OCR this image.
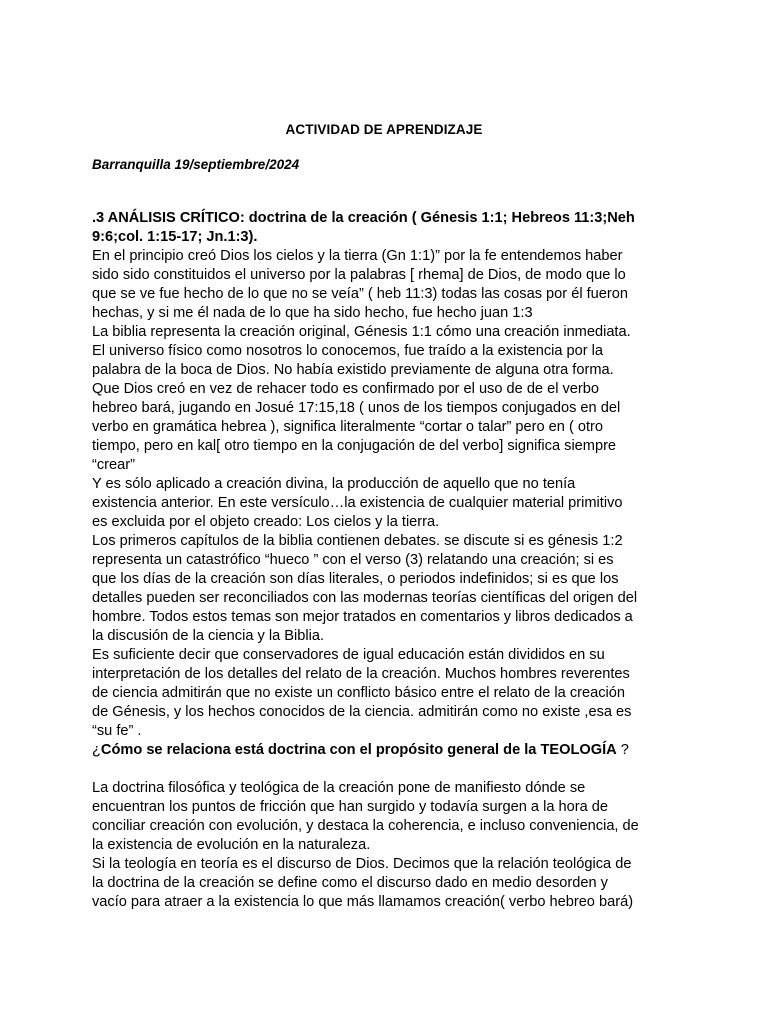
ACTIVIDAD DE APRENDIZAJE
Barranquilla 19/septiembre/2024
.3 ANÁLISIS CRÍTICO: doctrina de la creación ( Génesis 1:1; Hebreos 11:3;Neh
9:6;col. 1:15-17; Jn.1:3).
En el principio creó Dios los cielos y la tierra (Gn 1:1)” por la fe entendemos haber
sido sido constituidos el universo por la palabras [ rhema] de Dios, de modo que lo
que se ve fue hecho de lo que no se veía” ( heb 11:3) todas las cosas por él fueron
hechas, y si me él nada de lo que ha sido hecho, fue hecho juan 1:3
La biblia representa la creación original, Génesis 1:1 cómo una creación inmediata.
El universo físico como nosotros lo conocemos, fue traído a la existencia por la
palabra de la boca de Dios. No había existido previamente de alguna otra forma.
Que Dios creó en vez de rehacer todo es confirmado por el uso de de el verbo
hebreo bará, jugando en Josué 17:15,18 ( unos de los tiempos conjugados en del
verbo en gramática hebrea ), significa literalmente “cortar o talar” pero en ( otro
tiempo, pero en kal[ otro tiempo en la conjugación de del verbo] significa siempre
“crear”
Y es sólo aplicado a creación divina, la producción de aquello que no tenía
existencia anterior. En este versículo…la existencia de cualquier material primitivo
es excluida por el objeto creado: Los cielos y la tierra.
Los primeros capítulos de la biblia contienen debates. se discute si es génesis 1:2
representa un catastrófico “hueco ” con el verso (3) relatando una creación; si es
que los días de la creación son días literales, o periodos indefinidos; si es que los
detalles pueden ser reconciliados con las modernas teorías científicas del origen del
hombre. Todos estos temas son mejor tratados en comentarios y libros dedicados a
la discusión de la ciencia y la Biblia.
Es suficiente decir que conservadores de igual educación están divididos en su
interpretación de los detalles del relato de la creación. Muchos hombres reverentes
de ciencia admitirán que no existe un conflicto básico entre el relato de la creación
de Génesis, y los hechos conocidos de la ciencia. admitirán como no existe ,esa es
“su fe” .
¿Cómo se relaciona está doctrina con el propósito general de la TEOLOGÍA ?
La doctrina filosófica y teológica de la creación pone de manifiesto dónde se
encuentran los puntos de fricción que han surgido y todavía surgen a la hora de
conciliar creación con evolución, y destaca la coherencia, e incluso conveniencia, de
la existencia de evolución en la naturaleza.
Si la teología en teoría es el discurso de Dios. Decimos que la relación teológica de
la doctrina de la creación se define como el discurso dado en medio desorden y
vacío para atraer a la existencia lo que más llamamos creación( verbo hebreo bará)
